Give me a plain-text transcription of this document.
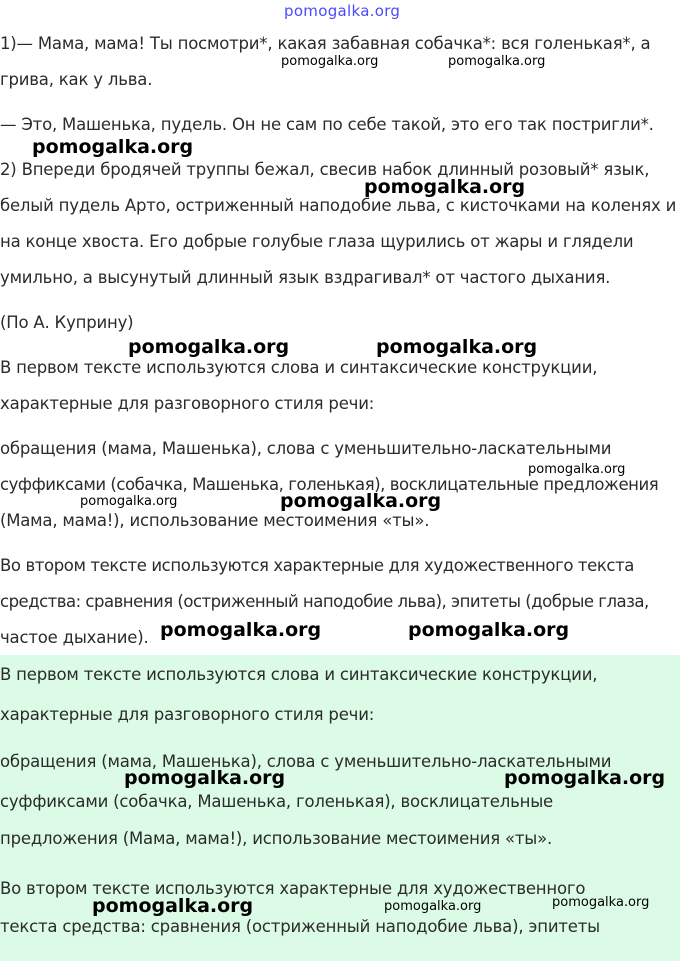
pomogalka.org

1)— Мама, мама! Ты посмотри*, какая забавная собачка*: вся голенькая*, а

грива, как у льва.

— Это, Машенька, пудель. Он не сам по себе такой, это его так постригли*.

2) Впереди бродячей труппы бежал, свесив набок длинный розовый* язык,

белый пудель Арто, остриженный наподобие льва, с кисточками на коленях и

на конце хвоста. Его добрые голубые глаза щурились от жары и глядели

умильно, а высунутый длинный язык вздрагивал* от частого дыхания.

(По А. Куприну)

В первом тексте используются слова и синтаксические конструкции,

характерные для разговорного стиля речи:

обращения (мама, Машенька), слова с уменьшительно-ласкательными

суффиксами (собачка, Машенька, голенькая), восклицательные предложения

(Мама, мама!), использование местоимения «ты».

Во втором тексте используются характерные для художественного текста

средства: сравнения (остриженный наподобие льва), эпитеты (добрые глаза,

частое дыхание).

В первом тексте используются слова и синтаксические конструкции,

характерные для разговорного стиля речи:

обращения (мама, Машенька), слова с уменьшительно-ласкательными

суффиксами (собачка, Машенька, голенькая), восклицательные

предложения (Мама, мама!), использование местоимения «ты».

Во втором тексте используются характерные для художественного

текста средства: сравнения (остриженный наподобие льва), эпитеты

pomogalka.org	pomogalka.org
pomogalka.org
pomogalka.org
pomogalka.org	pomogalka.org
pomogalka.org
pomogalka.org	pomogalka.org
pomogalka.org	pomogalka.org
pomogalka.org	pomogalka.org
pomogalka.org	pomogalka.org	pomogalka.org
